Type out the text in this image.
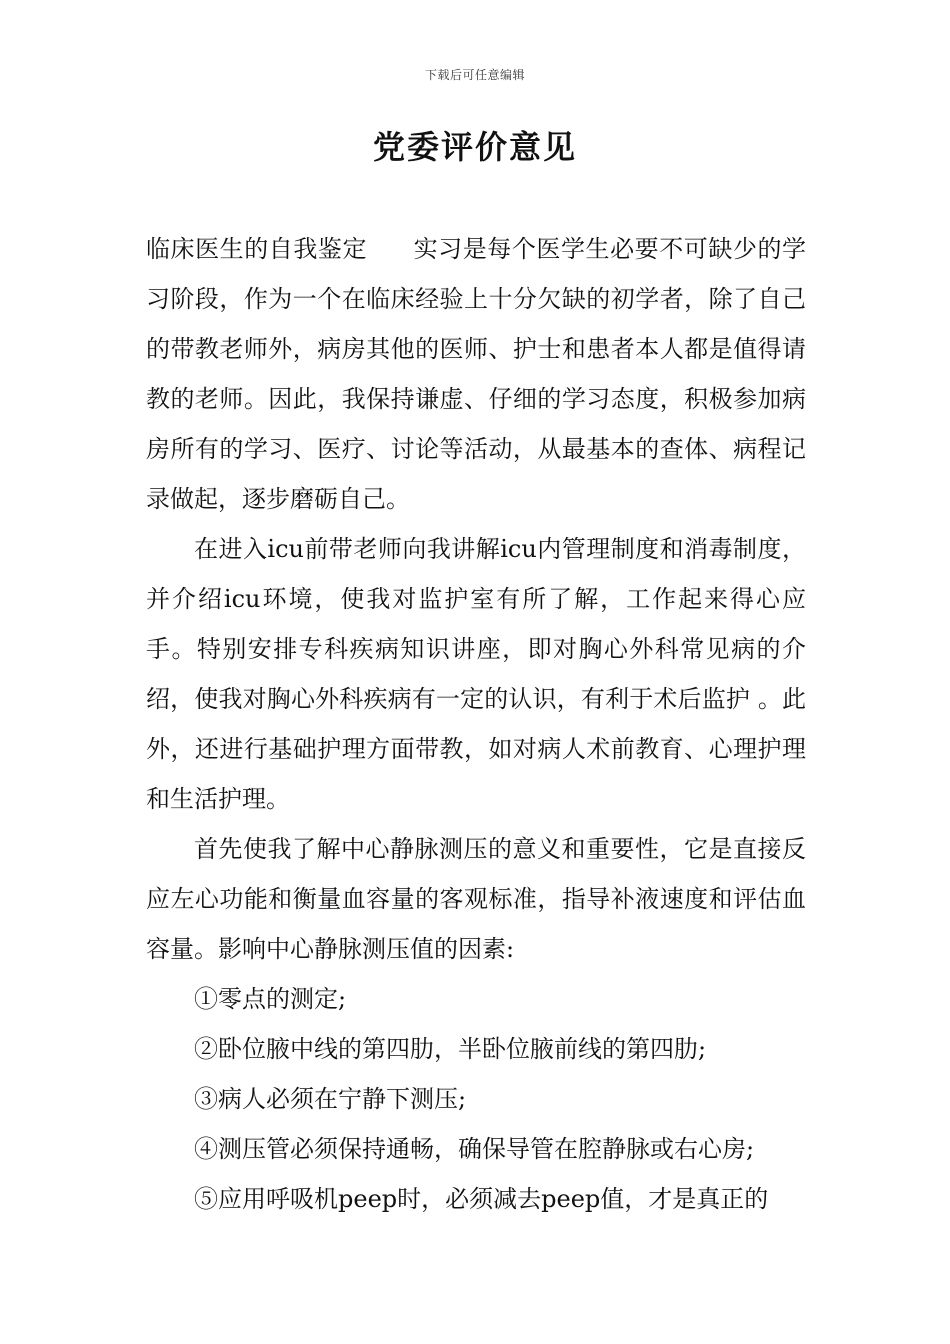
下载后可任意编辑
党委评价意见

临床医生的自我鉴定 实习是每个医学生必要不可缺少的学习阶段，作为一个在临床经验上十分欠缺的初学者，除了自己的带教老师外，病房其他的医师、护士和患者本人都是值得请教的老师。因此，我保持谦虚、仔细的学习态度，积极参加病房所有的学习、医疗、讨论等活动，从最基本的查体、病程记录做起，逐步磨砺自己。

在进入icu前带老师向我讲解icu内管理制度和消毒制度，并介绍icu环境，使我对监护室有所了解，工作起来得心应手。特别安排专科疾病知识讲座，即对胸心外科常见病的介绍，使我对胸心外科疾病有一定的认识，有利于术后监护 。此外，还进行基础护理方面带教，如对病人术前教育、心理护理和生活护理。

首先使我了解中心静脉测压的意义和重要性，它是直接反应左心功能和衡量血容量的客观标准，指导补液速度和评估血容量。影响中心静脉测压值的因素:

①零点的测定;

②卧位腋中线的第四肋，半卧位腋前线的第四肋;

③病人必须在宁静下测压;

④测压管必须保持通畅，确保导管在腔静脉或右心房;

⑤应用呼吸机peep时，必须减去peep值，才是真正的
